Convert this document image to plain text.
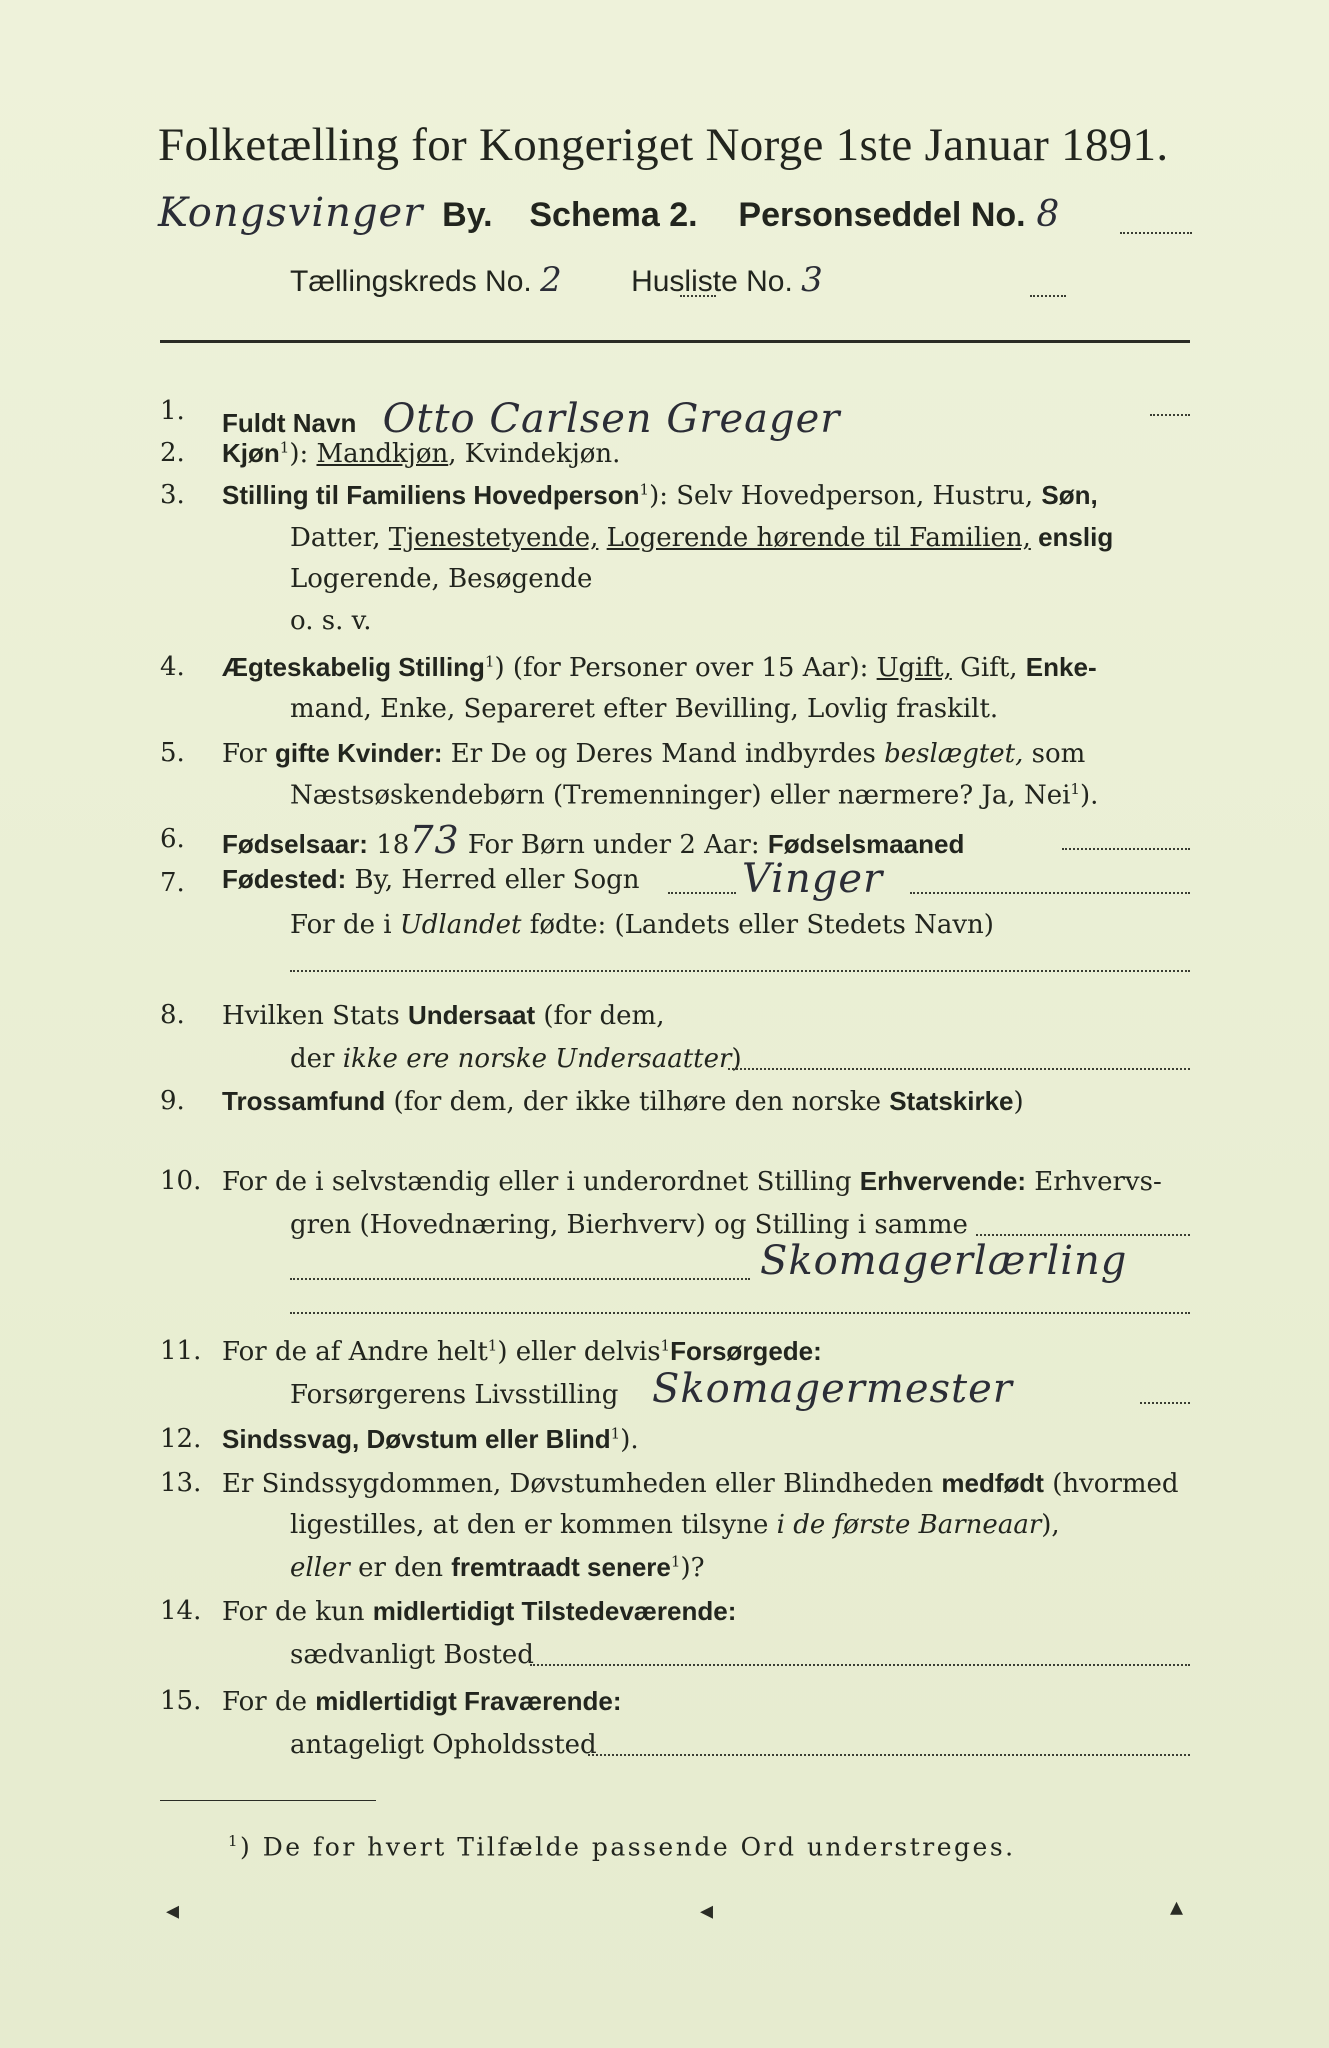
Folketælling for Kongeriget Norge 1ste Januar 1891.
Kongsvinger By. Schema 2. Personseddel No. 8
Tællingskreds No. 2 Husliste No. 3
1. Fuldt Navn Otto Carlsen Greager
2. Kjøn$^1$): Mandkjøn, Kvindekjøn.
3. Stilling til Familiens Hovedperson$^1$): Selv Hovedperson, Hustru, Søn,
Datter, Tjenestetyende, Logerende hørende til Familien, enslig
Logerende, Besøgende
o. s. v.
4. Ægteskabelig Stilling$^1$) (for Personer over 15 Aar): Ugift, Gift, Enke-
mand, Enke, Separeret efter Bevilling, Lovlig fraskilt.
5. For gifte Kvinder: Er De og Deres Mand indbyrdes beslægtet, som
Næstsøskendebørn (Tremenninger) eller nærmere? Ja, Nei$^1$).
6. Fødselsaar: 1873 For Børn under 2 Aar: Fødselsmaaned
7. Fødested: By, Herred eller Sogn	Vinger
For de i Udlandet fødte: (Landets eller Stedets Navn)
8. Hvilken Stats Undersaat (for dem,
der ikke ere norske Undersaatter)
9. Trossamfund (for dem, der ikke tilhøre den norske Statskirke)
10. For de i selvstændig eller i underordnet Stilling Erhvervende: Erhvervs-
gren (Hovednæring, Bierhverv) og Stilling i samme
Skomagerlærling
11. For de af Andre helt$^1$) eller delvis$^1$Forsørgede:
Forsørgerens Livsstilling Skomagermester
12. Sindssvag, Døvstum eller Blind$^1$).
13. Er Sindssygdommen, Døvstumheden eller Blindheden medfødt (hvormed
ligestilles, at den er kommen tilsyne i de første Barneaar),
eller er den fremtraadt senere$^1$)?
14. For de kun midlertidigt Tilstedeværende:
sædvanligt Bosted
15. For de midlertidigt Fraværende:
antageligt Opholdssted
$^1$) De for hvert Tilfælde passende Ord understreges.
◂	◂	▴
